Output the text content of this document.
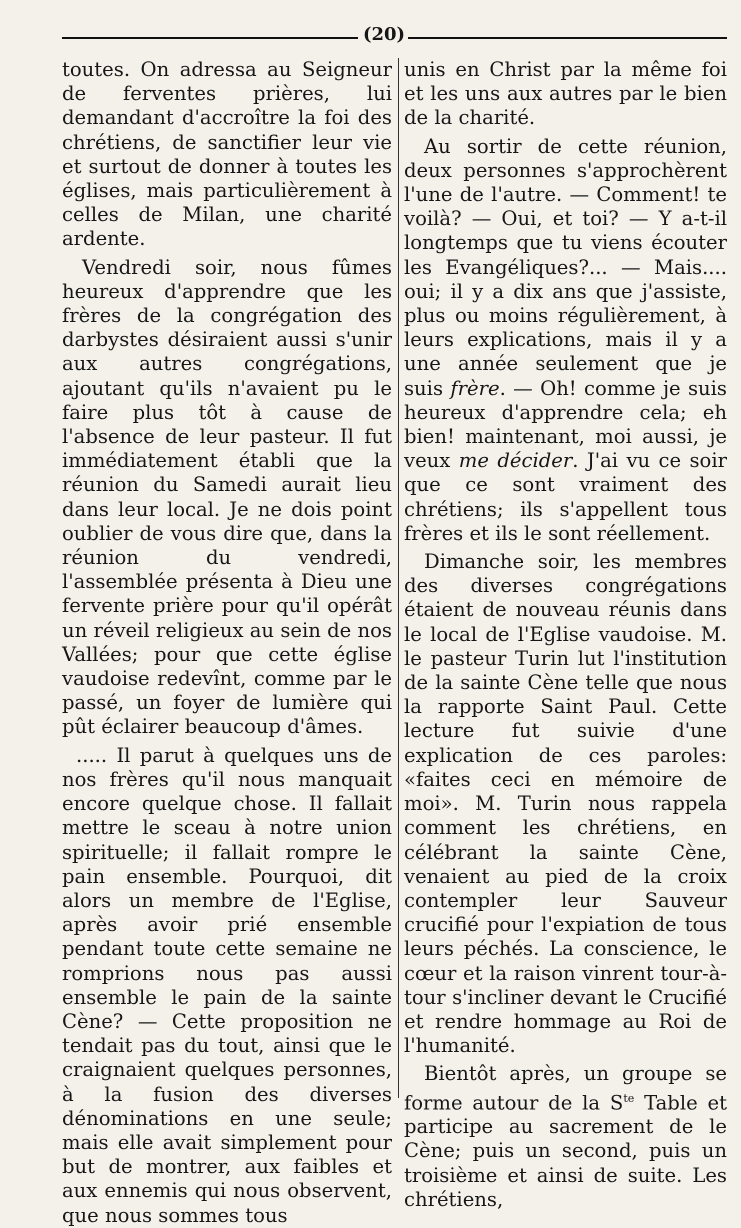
(20)

toutes. On adressa au Seigneur de ferventes prières, lui demandant d'accroître la foi des chrétiens, de sanctifier leur vie et surtout de donner à toutes les églises, mais particulièrement à celles de Milan, une charité ardente.

Vendredi soir, nous fûmes heureux d'apprendre que les frères de la congrégation des darbystes désiraient aussi s'unir aux autres congrégations, ajoutant qu'ils n'avaient pu le faire plus tôt à cause de l'absence de leur pasteur. Il fut immédiatement établi que la réunion du Samedi aurait lieu dans leur local. Je ne dois point oublier de vous dire que, dans la réunion du vendredi, l'assemblée présenta à Dieu une fervente prière pour qu'il opérât un réveil religieux au sein de nos Vallées; pour que cette église vaudoise redevînt, comme par le passé, un foyer de lumière qui pût éclairer beaucoup d'âmes.

..... Il parut à quelques uns de nos frères qu'il nous manquait encore quelque chose. Il fallait mettre le sceau à notre union spirituelle; il fallait rompre le pain ensemble. Pourquoi, dit alors un membre de l'Eglise, après avoir prié ensemble pendant toute cette semaine ne romprions nous pas aussi ensemble le pain de la sainte Cène? — Cette proposition ne tendait pas du tout, ainsi que le craignaient quelques personnes, à la fusion des diverses dénominations en une seule; mais elle avait simplement pour but de montrer, aux faibles et aux ennemis qui nous observent, que nous sommes tous

unis en Christ par la même foi et les uns aux autres par le bien de la charité.

Au sortir de cette réunion, deux personnes s'approchèrent l'une de l'autre. — Comment! te voilà? — Oui, et toi? — Y a-t-il longtemps que tu viens écouter les Evangéliques?... — Mais.... oui; il y a dix ans que j'assiste, plus ou moins régulièrement, à leurs explications, mais il y a une année seulement que je suis frère. — Oh! comme je suis heureux d'apprendre cela; eh bien! maintenant, moi aussi, je veux me décider. J'ai vu ce soir que ce sont vraiment des chrétiens; ils s'appellent tous frères et ils le sont réellement.

Dimanche soir, les membres des diverses congrégations étaient de nouveau réunis dans le local de l'Eglise vaudoise. M. le pasteur Turin lut l'institution de la sainte Cène telle que nous la rapporte Saint Paul. Cette lecture fut suivie d'une explication de ces paroles: «faites ceci en mémoire de moi». M. Turin nous rappela comment les chrétiens, en célébrant la sainte Cène, venaient au pied de la croix contempler leur Sauveur crucifié pour l'expiation de tous leurs péchés. La conscience, le cœur et la raison vinrent tour-à-tour s'incliner devant le Crucifié et rendre hommage au Roi de l'humanité.

Bientôt après, un groupe se forme autour de la $S^{te}$ Table et participe au sacrement de le Cène; puis un second, puis un troisième et ainsi de suite. Les chrétiens,
